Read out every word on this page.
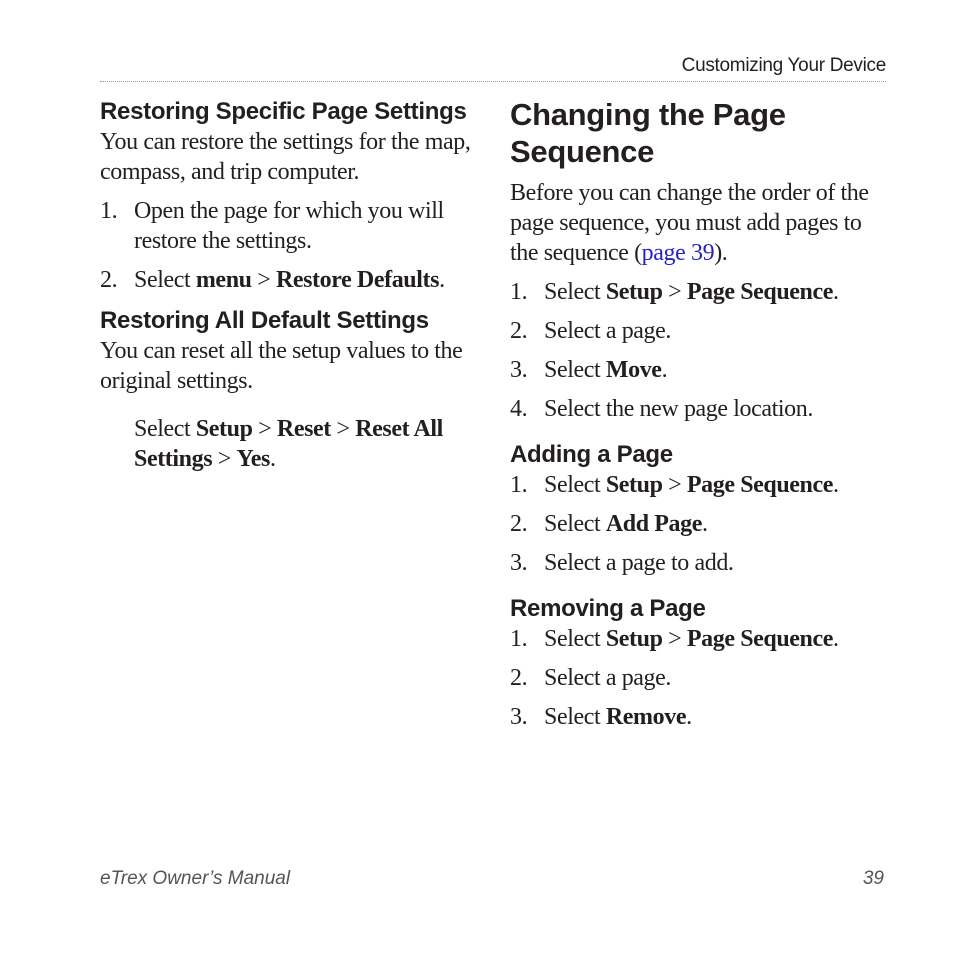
Customizing Your Device
Restoring Specific Page Settings

You can restore the settings for the map, compass, and trip computer.

1. Open the page for which you will restore the settings.
2. Select menu > Restore Defaults.
Restoring All Default Settings

You can reset all the setup values to the original settings.

Select Setup > Reset > Reset All Settings > Yes.

Changing the Page Sequence

Before you can change the order of the page sequence, you must add pages to the sequence (page 39).

1. Select Setup > Page Sequence.
2. Select a page.
3. Select Move.
4. Select the new page location.
Adding a Page
1. Select Setup > Page Sequence.
2. Select Add Page.
3. Select a page to add.
Removing a Page
1. Select Setup > Page Sequence.
2. Select a page.
3. Select Remove.
eTrex Owner’s Manual	39
